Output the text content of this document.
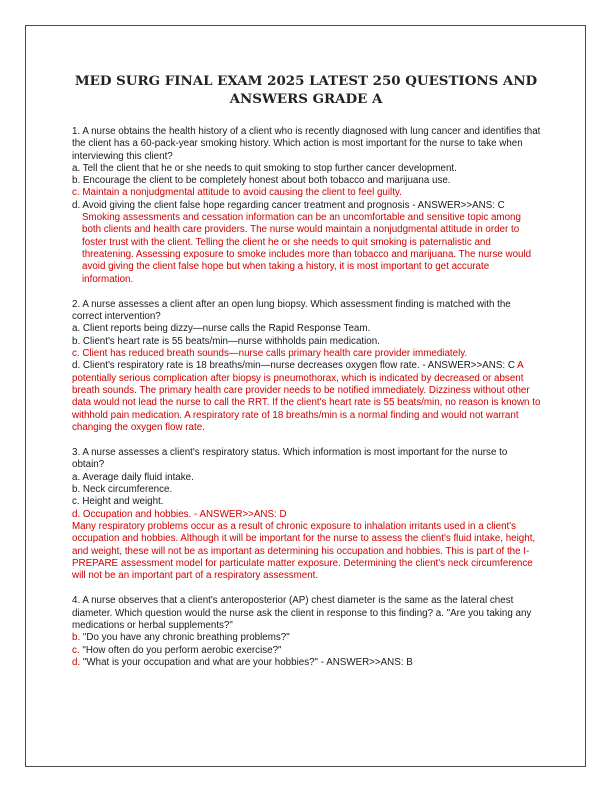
MED SURG FINAL EXAM 2025 LATEST 250 QUESTIONS AND ANSWERS GRADE A

1. A nurse obtains the health history of a client who is recently diagnosed with lung cancer and identifies that the client has a 60-pack-year smoking history. Which action is most important for the nurse to take when interviewing this client?

a. Tell the client that he or she needs to quit smoking to stop further cancer development.

b. Encourage the client to be completely honest about both tobacco and marijuana use.

c. Maintain a nonjudgmental attitude to avoid causing the client to feel guilty.

d. Avoid giving the client false hope regarding cancer treatment and prognosis - ANSWER>>ANS: C

Smoking assessments and cessation information can be an uncomfortable and sensitive topic among both clients and health care providers. The nurse would maintain a nonjudgmental attitude in order to foster trust with the client. Telling the client he or she needs to quit smoking is paternalistic and threatening. Assessing exposure to smoke includes more than tobacco and marijuana. The nurse would avoid giving the client false hope but when taking a history, it is most important to get accurate information.

2. A nurse assesses a client after an open lung biopsy. Which assessment finding is matched with the correct intervention?

a. Client reports being dizzy—nurse calls the Rapid Response Team.

b. Client's heart rate is 55 beats/min—nurse withholds pain medication.

c. Client has reduced breath sounds—nurse calls primary health care provider immediately.

d. Client's respiratory rate is 18 breaths/min—nurse decreases oxygen flow rate. - ANSWER>>ANS: C A potentially serious complication after biopsy is pneumothorax, which is indicated by decreased or absent breath sounds. The primary health care provider needs to be notified immediately. Dizziness without other data would not lead the nurse to call the RRT. If the client's heart rate is 55 beats/min, no reason is known to withhold pain medication. A respiratory rate of 18 breaths/min is a normal finding and would not warrant changing the oxygen flow rate.

3. A nurse assesses a client's respiratory status. Which information is most important for the nurse to obtain?

a. Average daily fluid intake.

b. Neck circumference.

c. Height and weight.

d. Occupation and hobbies. - ANSWER>>ANS: D

Many respiratory problems occur as a result of chronic exposure to inhalation irritants used in a client's occupation and hobbies. Although it will be important for the nurse to assess the client's fluid intake, height, and weight, these will not be as important as determining his occupation and hobbies. This is part of the I-PREPARE assessment model for particulate matter exposure. Determining the client's neck circumference will not be an important part of a respiratory assessment.

4. A nurse observes that a client's anteroposterior (AP) chest diameter is the same as the lateral chest diameter. Which question would the nurse ask the client in response to this finding? a. "Are you taking any medications or herbal supplements?"

b. "Do you have any chronic breathing problems?"

c. "How often do you perform aerobic exercise?"

d. "What is your occupation and what are your hobbies?" - ANSWER>>ANS: B
